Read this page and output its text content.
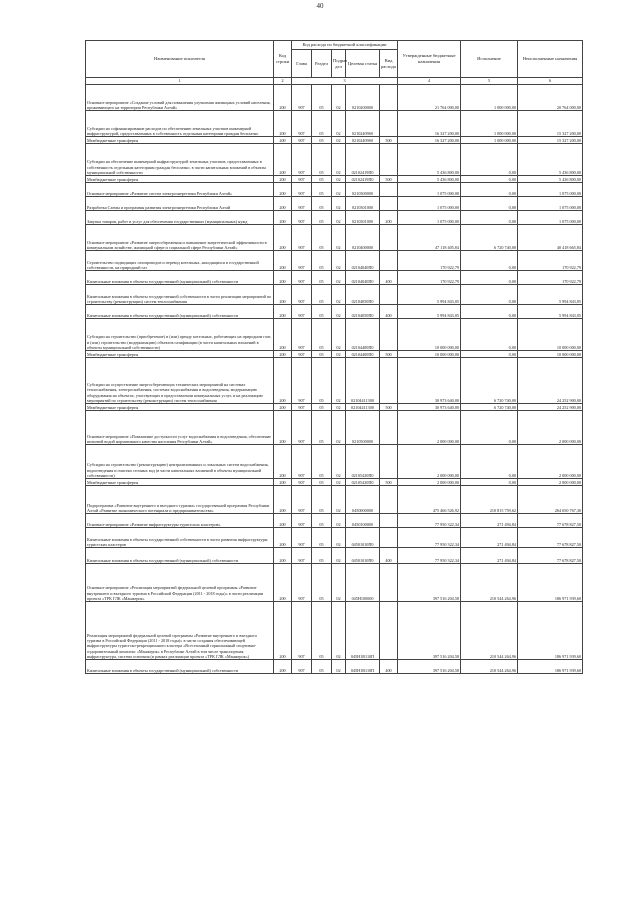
40
Наименование показателя	Код строки	Код расхода по бюджетной классификации					Утвержденные бюджетные назначения	Исполнение	Неисполненные назначения
		Глава	Раздел	Подраз дел	Целевая статья	Вид расхода			
1	2	3					4	5	6
Основное мероприятие «Создание условий для повышения улучшения жилищных условий населения, проживающего на территории Республики Алтай»	200	907	05	02	0210200000		21 764 000,00	1 000 000,00	20 764 000,00
Субсидии на софинансирование расходов по обеспечению земельных участков инженерной инфраструктурой, предоставленных в собственность отдельным категориям граждан бесплатно	200	907	05	02	02102409S0		16 327 200,00	1 000 000,00	15 327 200,00
Межбюджетные трансферты	200	907	05	02	02102409S0	500	16 327 200,00	1 000 000,00	15 327 200,00
Субсидии на обеспечение инженерной инфраструктурой земельных участков, предоставленных в собственность отдельным категориям граждан бесплатно, в части капитальных вложений в объекты муниципальной собственности	200	907	05	02	02102419П0		5 436 800,00	0,00	5 436 800,00
Межбюджетные трансферты	200	907	05	02	02102419П0	500	5 436 800,00	0,00	5 436 800,00
Основное мероприятие «Развитие систем электроэнергетики Республики Алтай»	200	907	05	02	0210300000		1 075 000,00	0,00	1 075 000,00
Разработка Схемы и программы развития электроэнергетики Республики Алтай	200	907	05	02	0210301000		1 075 000,00	0,00	1 075 000,00
Закупка товаров, работ и услуг для обеспечения государственных (муниципальных) нужд	200	907	05	02	0210301000	200	1 075 000,00	0,00	1 075 000,00
Основное мероприятие «Развитие энергосбережения и повышение энергетической эффективности в коммунальном хозяйстве, жилищной сфере и социальной сфере Республики Алтай»	200	907	05	02	0210400000		47 118 405,84	6 720 740,00	40 418 665,84
Строительство подводящих газопроводов и перевод котельных, находящихся в государственной собственности, на природный газ	200	907	05	02	02104040П0		170 922,79	0,00	170 922,79
Капитальные вложения в объекты государственной (муниципальной) собственности	200	907	05	02	02104040П0	400	170 922,79	0,00	170 922,79
Капитальные вложения в объекты государственной собственности в части реализации мероприятий по строительству (реконструкции) систем теплоснабжения	200	907	05	02	02104050П0		5 994 843,05	0,00	5 994 843,05
Капитальные вложения в объекты государственной (муниципальной) собственности	200	907	05	02	02104050П0	400	5 994 843,05	0,00	5 994 843,05
Субсидии на строительство (приобретение) и (или) аренду котельных, работающих на природном газе, и (или) строительство (модернизацию) объектов газификации (в части капитальных вложений в объекты муниципальной собственности)	200	907	05	02	02104400П0		10 000 000,00	0,00	10 000 000,00
Межбюджетные трансферты	200	907	05	02	02104400П0	500	10 000 000,00	0,00	10 000 000,00
Субсидии на осуществление энергосберегающих технических мероприятий на системах теплоснабжения, электроснабжения, системах водоснабжения и водоотведения, модернизацию оборудования на объектах, участвующих в предоставлении коммунальных услуг, и на реализацию мероприятий по строительству (реконструкции) систем теплоснабжения	200	907	05	02	02104411300		30 973 640,00	6 720 740,00	24 252 900,00
Межбюджетные трансферты	200	907	05	02	02104411300	500	30 973 640,00	6 720 740,00	24 252 900,00
Основное мероприятие «Повышение доступности услуг водоснабжения и водоотведения, обеспечение питьевой водой нормативного качества населения Республики Алтай»	200	907	05	02	0210500000		2 000 000,00	0,00	2 000 000,00
Субсидии на строительство (реконструкцию) централизованных и локальных систем водоснабжения, водоотведения и очистки сточных вод (в части капитальных вложений в объекты муниципальной собственности)	200	907	05	02	02105420П0		2 000 000,00	0,00	2 000 000,00
Межбюджетные трансферты	200	907	05	02	02105420П0	500	2 000 000,00	0,00	2 000 000,00
Подпрограмма «Развитие внутреннего и въездного туризма» государственной программы Республики Алтай «Развитие экономического потенциала и предпринимательства»	200	907	05	02	0450000000		475 466 526,92	210 815 759,62	264 650 767,30
Основное мероприятие «Развитие инфраструктуры туристских кластеров»	200	907	05	02	0450100000		77 950 322,34	271 494,84	77 678 827,50
Капитальные вложения в объекты государственной собственности в части развития инфраструктуры туристских кластеров	200	907	05	02	04501010П0		77 950 322,34	271 494,84	77 678 827,50
Капитальные вложения в объекты государственной (муниципальной) собственности	200	907	05	02	04501010П0	400	77 950 322,34	271 494,84	77 678 827,50
Основное мероприятие «Реализация мероприятий федеральной целевой программы «Развитие внутреннего и въездного туризма в Российской Федерации (2011 - 2018 годы)» в части реализации проекта «ТРК ГЛК «Манжерок»	200	907	05	02	045Н100000		397 516 204,58	210 544 264,96	186 971 939,60
Реализация мероприятий федеральной целевой программы «Развитие внутреннего и въездного туризма в Российской Федерации (2011 - 2018 годы)» в части создания обеспечивающей инфраструктуры туристско-рекреационного кластера «Всесезонный горнолыжный спортивно-оздоровительный комплекс «Манжерок» в Республике Алтай в том числе транспортная инфраструктура, система освоения (в рамках реализации проекта «ТРК ГЛК «Манжерок»)	200	907	05	02	045Н1R110П		397 516 204,58	210 544 264,96	186 971 939,60
Капитальные вложения в объекты государственной (муниципальной) собственности	200	907	05	02	045Н1R110П	400	397 516 204,58	210 544 264,96	186 971 939,60
